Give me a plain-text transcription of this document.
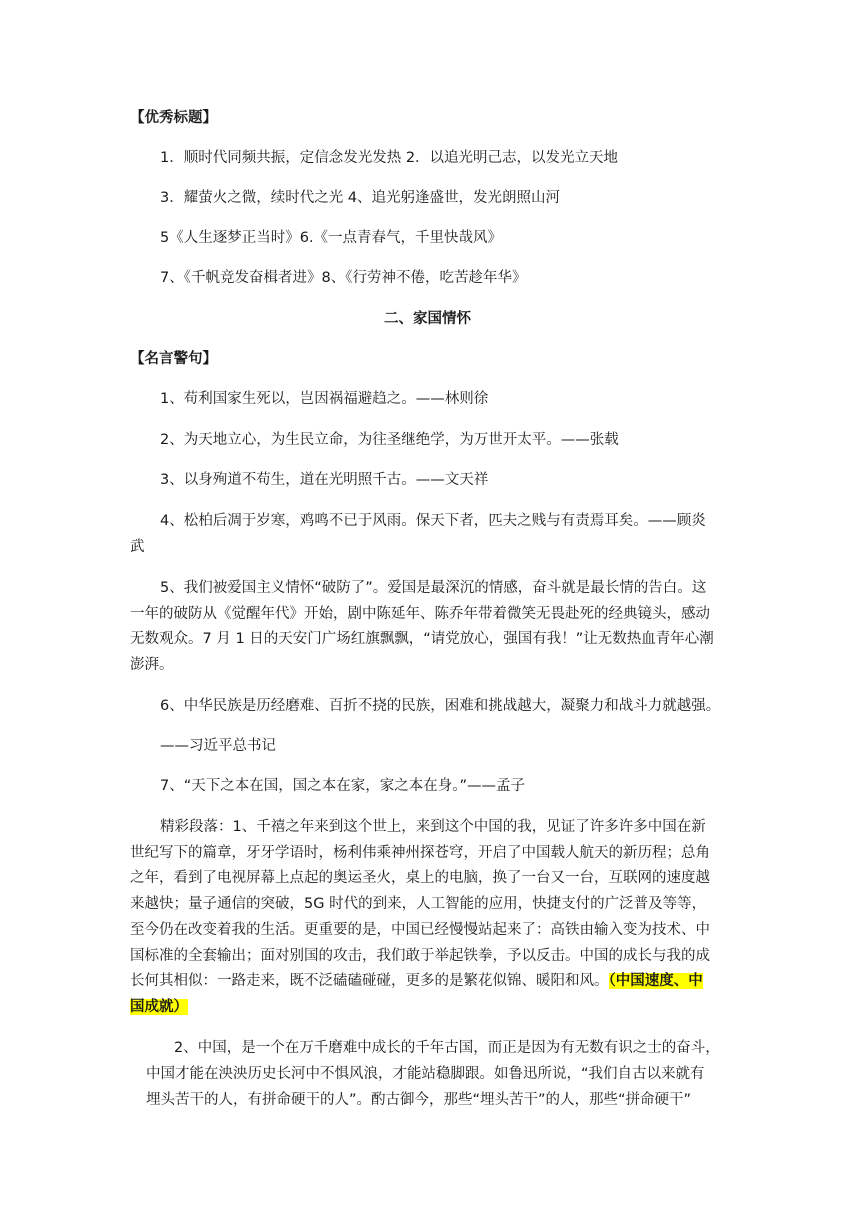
【优秀标题】
1．顺时代同频共振，定信念发光发热 2．以追光明己志，以发光立天地
3．耀萤火之微，续时代之光 4、追光躬逢盛世，发光朗照山河
5《人生逐梦正当时》6.《一点青春气，千里快哉风》
7、《千帆竞发奋楫者进》8、《行劳神不倦，吃苦趁年华》
二、家国情怀
【名言警句】
1、苟利国家生死以，岂因祸福避趋之。——林则徐
2、为天地立心，为生民立命，为往圣继绝学，为万世开太平。——张载
3、以身殉道不苟生，道在光明照千古。——文天祥
4、松柏后凋于岁寒，鸡鸣不已于风雨。保天下者，匹夫之贱与有责焉耳矣。——顾炎
武
5、我们被爱国主义情怀“破防了”。爱国是最深沉的情感，奋斗就是最长情的告白。这
一年的破防从《觉醒年代》开始，剧中陈延年、陈乔年带着微笑无畏赴死的经典镜头，感动
无数观众。7 月 1 日的天安门广场红旗飘飘，“请党放心，强国有我！”让无数热血青年心潮
澎湃。
6、中华民族是历经磨难、百折不挠的民族，困难和挑战越大，凝聚力和战斗力就越强。
——习近平总书记
7、“天下之本在国，国之本在家，家之本在身。”——孟子
精彩段落：1、千禧之年来到这个世上，来到这个中国的我，见证了许多许多中国在新
世纪写下的篇章，牙牙学语时，杨利伟乘神州探苍穹，开启了中国载人航天的新历程；总角
之年，看到了电视屏幕上点起的奥运圣火，桌上的电脑，换了一台又一台，互联网的速度越
来越快；量子通信的突破，5G 时代的到来，人工智能的应用，快捷支付的广泛普及等等，
至今仍在改变着我的生活。更重要的是，中国已经慢慢站起来了：高铁由输入变为技术、中
国标准的全套输出；面对别国的攻击，我们敢于举起铁拳，予以反击。中国的成长与我的成
长何其相似：一路走来，既不泛磕磕碰碰，更多的是繁花似锦、暖阳和风。（中国速度、中
国成就）
2、中国，是一个在万千磨难中成长的千年古国，而正是因为有无数有识之士的奋斗，
中国才能在泱泱历史长河中不惧风浪，才能站稳脚跟。如鲁迅所说，“我们自古以来就有
埋头苦干的人，有拼命硬干的人”。酌古御今，那些“埋头苦干”的人，那些“拼命硬干”
